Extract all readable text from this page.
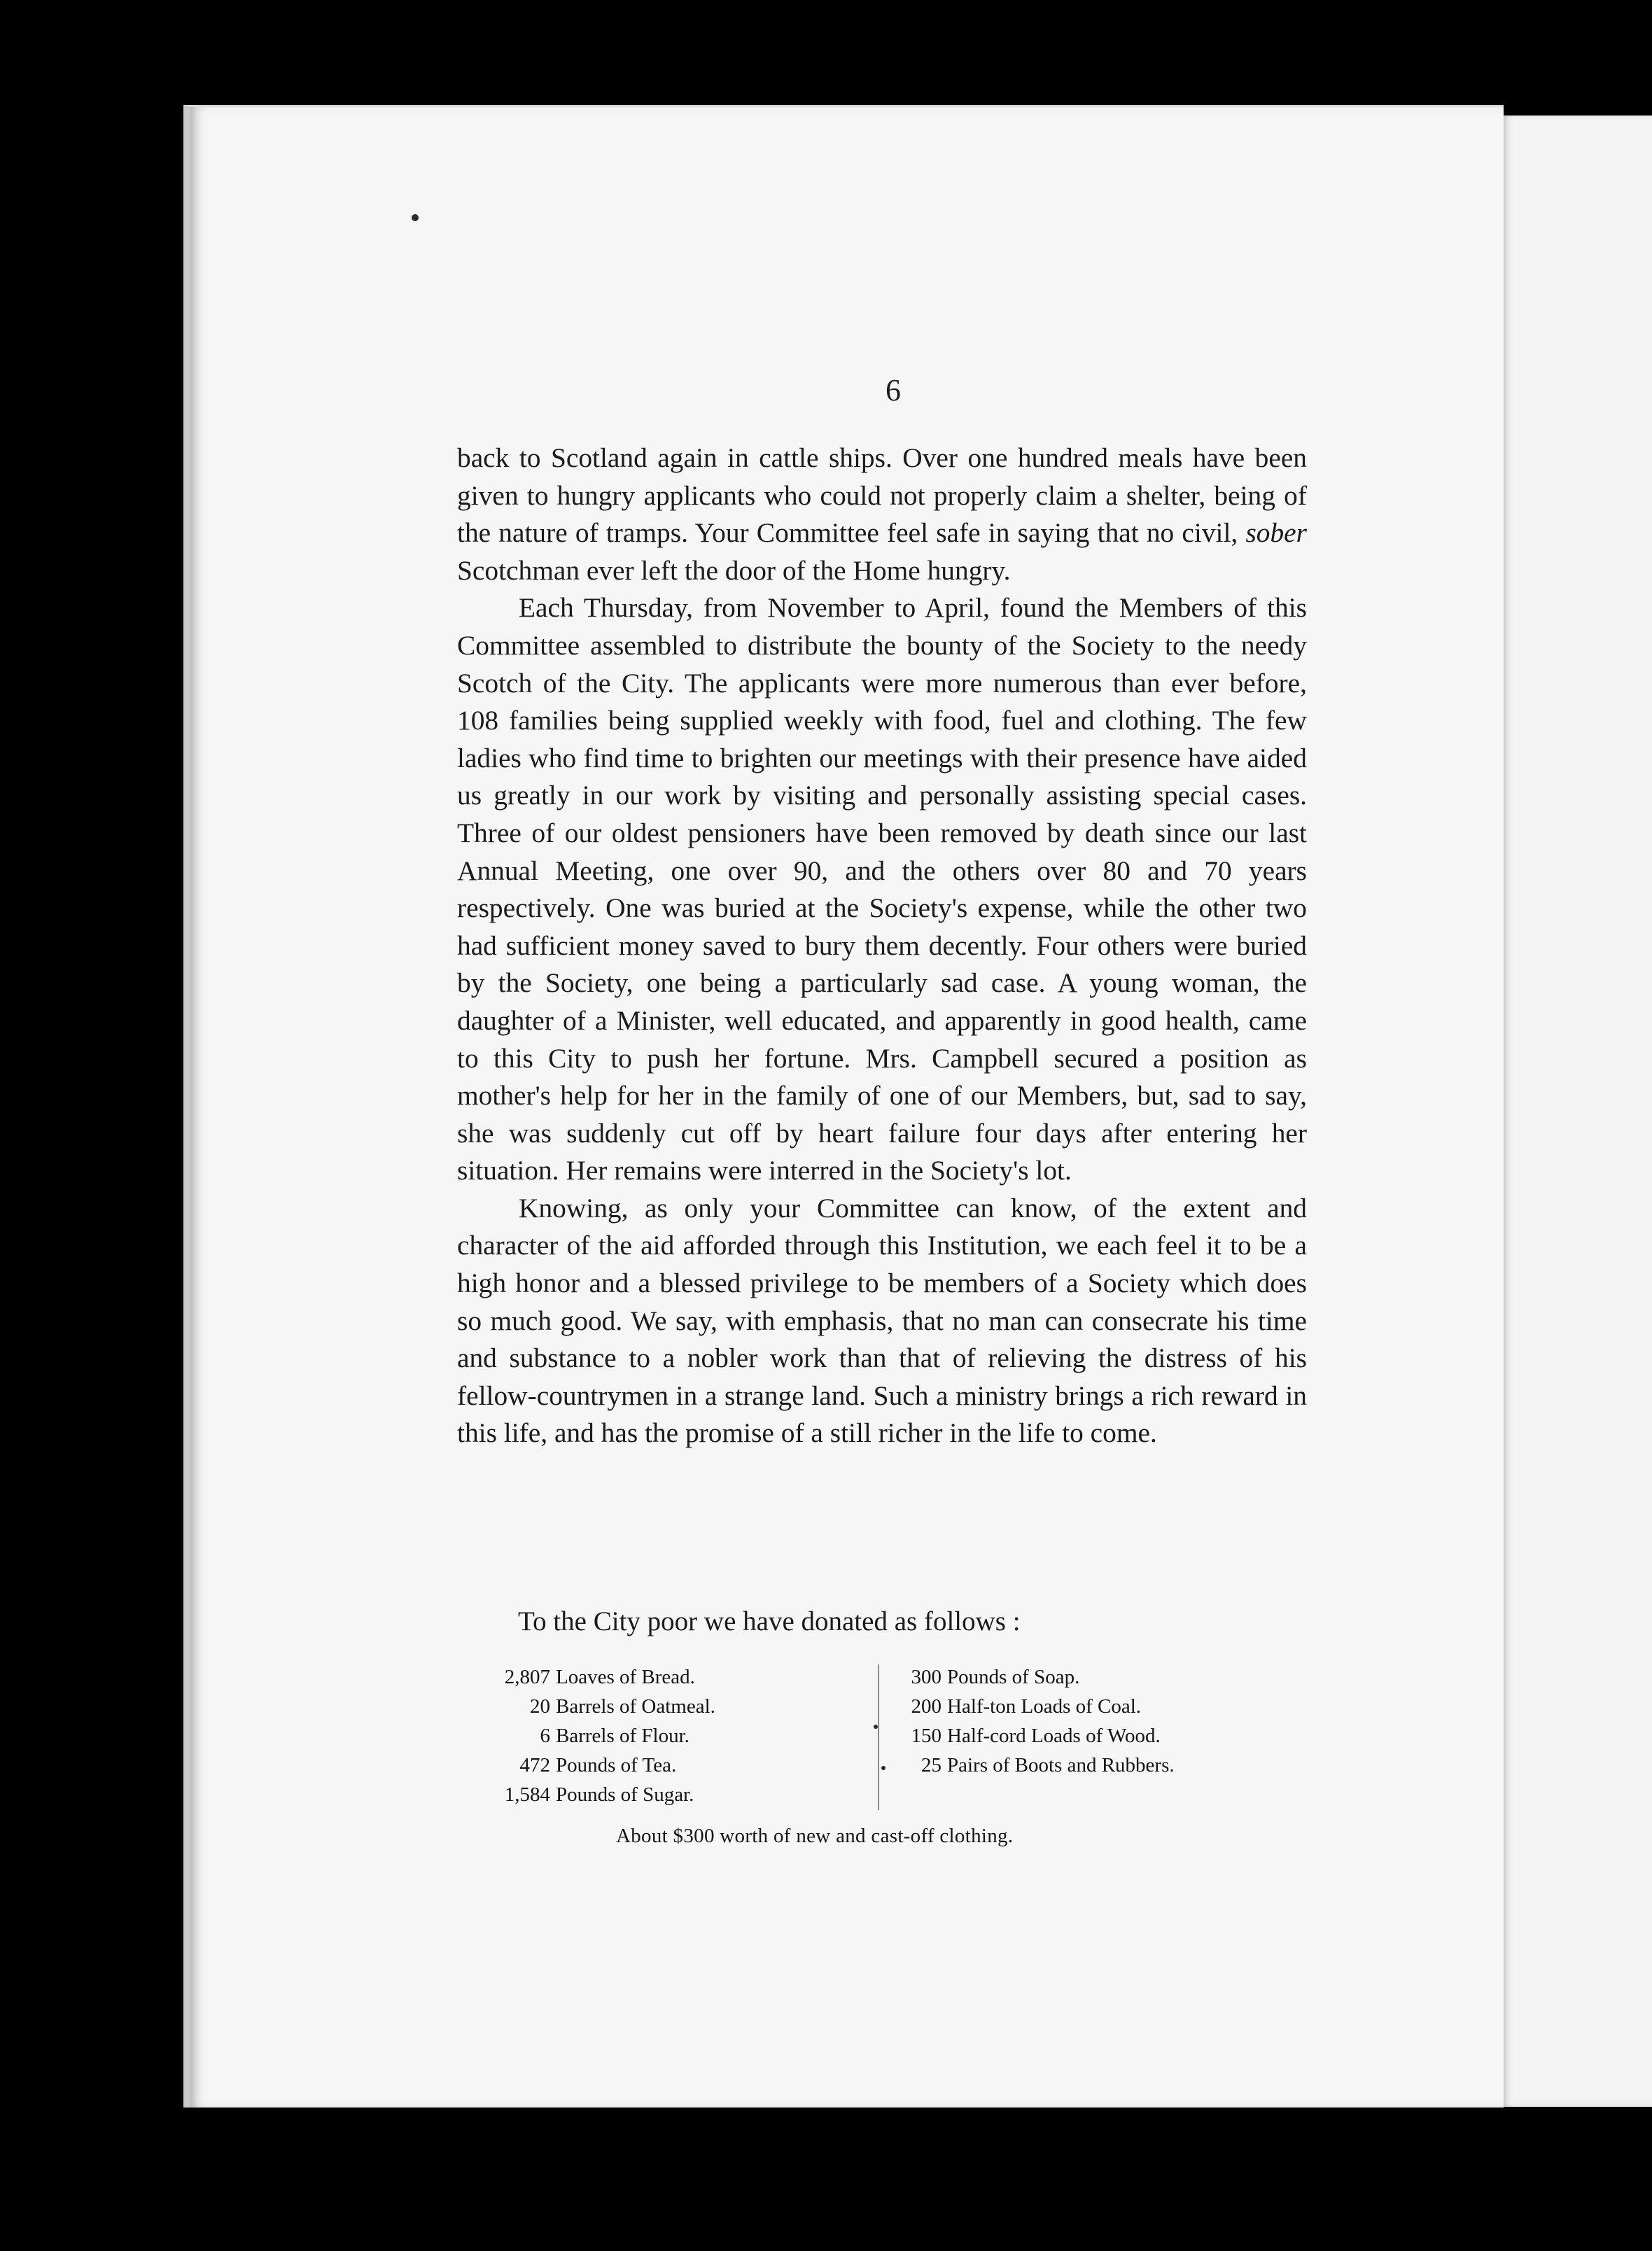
6

back to Scotland again in cattle ships. Over one hundred meals have been given to hungry applicants who could not properly claim a shelter, being of the nature of tramps. Your Committee feel safe in saying that no civil, sober Scotchman ever left the door of the Home hungry.

Each Thursday, from November to April, found the Members of this Committee assembled to distribute the bounty of the Society to the needy Scotch of the City. The applicants were more numerous than ever before, 108 families being supplied weekly with food, fuel and clothing. The few ladies who find time to brighten our meetings with their presence have aided us greatly in our work by visiting and personally assisting special cases. Three of our oldest pensioners have been removed by death since our last Annual Meeting, one over 90, and the others over 80 and 70 years respectively. One was buried at the Society's expense, while the other two had sufficient money saved to bury them decently. Four others were buried by the Society, one being a particularly sad case. A young woman, the daughter of a Minister, well educated, and apparently in good health, came to this City to push her fortune. Mrs. Campbell secured a position as mother's help for her in the family of one of our Members, but, sad to say, she was suddenly cut off by heart failure four days after entering her situation. Her remains were interred in the Society's lot.

Knowing, as only your Committee can know, of the extent and character of the aid afforded through this Institution, we each feel it to be a high honor and a blessed privilege to be members of a Society which does so much good. We say, with emphasis, that no man can consecrate his time and substance to a nobler work than that of relieving the distress of his fellow-countrymen in a strange land. Such a ministry brings a rich reward in this life, and has the promise of a still richer in the life to come.

To the City poor we have donated as follows :
2,807 Loaves of Bread.
20 Barrels of Oatmeal.
6 Barrels of Flour.
472 Pounds of Tea.
1,584 Pounds of Sugar.
300 Pounds of Soap.
200 Half-ton Loads of Coal.
150 Half-cord Loads of Wood.
25 Pairs of Boots and Rubbers.
About $300 worth of new and cast-off clothing.
